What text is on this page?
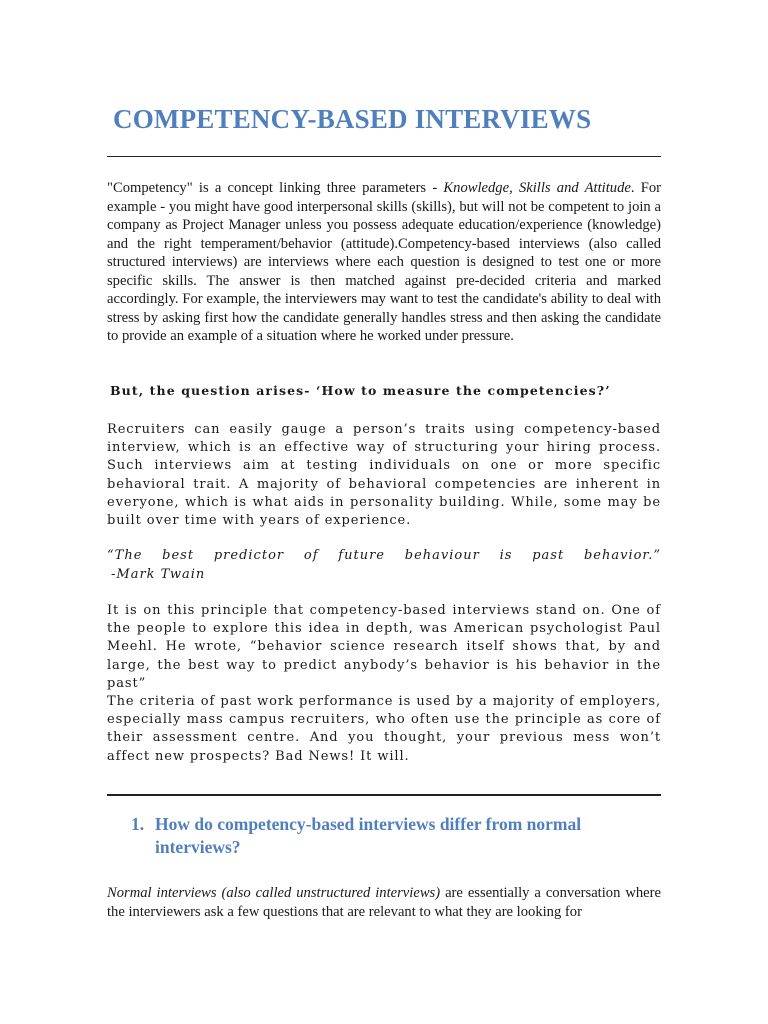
COMPETENCY-BASED INTERVIEWS

"Competency" is a concept linking three parameters - Knowledge, Skills and Attitude. For example - you might have good interpersonal skills (skills), but will not be competent to join a company as Project Manager unless you possess adequate education/experience (knowledge) and the right temperament/behavior (attitude).Competency-based interviews (also called structured interviews) are interviews where each question is designed to test one or more specific skills. The answer is then matched against pre-decided criteria and marked accordingly. For example, the interviewers may want to test the candidate's ability to deal with stress by asking first how the candidate generally handles stress and then asking the candidate to provide an example of a situation where he worked under pressure.

But, the question arises- ‘How to measure the competencies?’

Recruiters can easily gauge a person’s traits using competency-based interview, which is an effective way of structuring your hiring process. Such interviews aim at testing individuals on one or more specific behavioral trait. A majority of behavioral competencies are inherent in everyone, which is what aids in personality building. While, some may be built over time with years of experience.

“The best predictor of future behaviour is past behavior.”
-Mark Twain

It is on this principle that competency-based interviews stand on. One of the people to explore this idea in depth, was American psychologist Paul Meehl. He wrote, “behavior science research itself shows that, by and large, the best way to predict anybody’s behavior is his behavior in the past”
The criteria of past work performance is used by a majority of employers, especially mass campus recruiters, who often use the principle as core of their assessment centre. And you thought, your previous mess won’t affect new prospects? Bad News! It will.
1. How do competency-based interviews differ from normal interviews?

Normal interviews (also called unstructured interviews) are essentially a conversation where the interviewers ask a few questions that are relevant to what they are looking for
